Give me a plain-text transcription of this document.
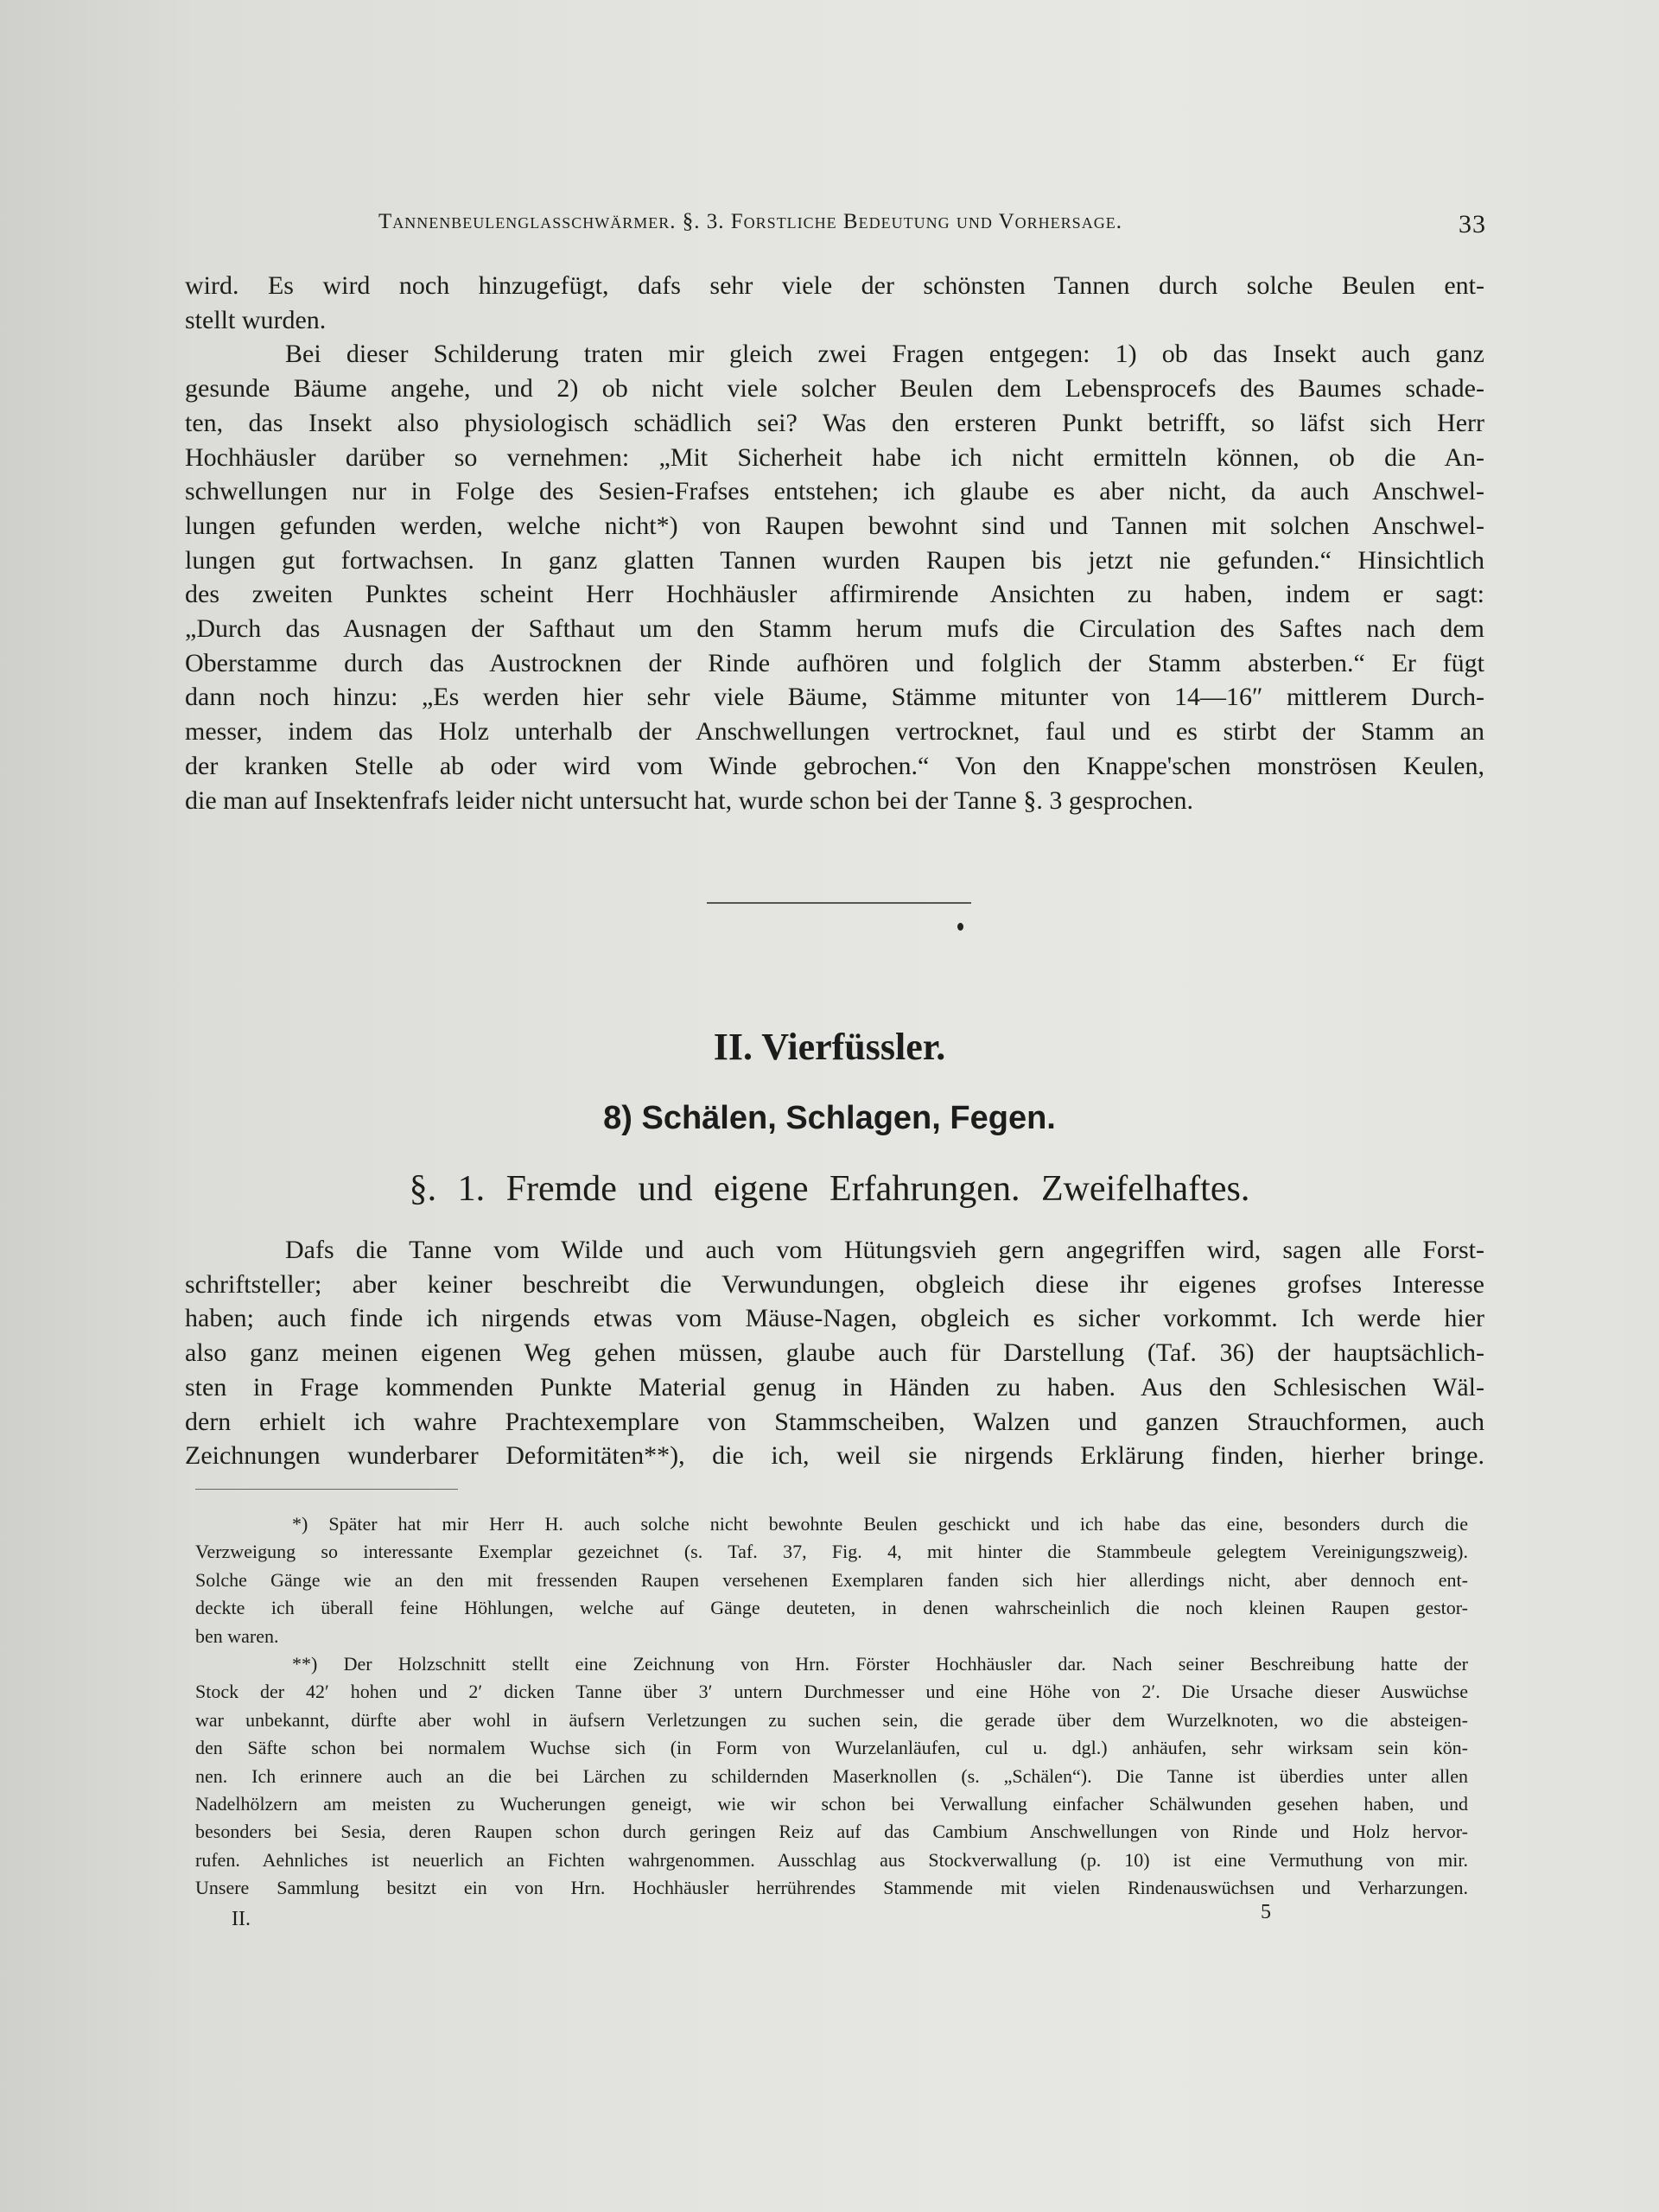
Tannenbeulenglasschwärmer. §. 3. Forstliche Bedeutung und Vorhersage.	33
wird. Es wird noch hinzugefügt, dafs sehr viele der schönsten Tannen durch solche Beulen ent-
stellt wurden.
Bei dieser Schilderung traten mir gleich zwei Fragen entgegen: 1) ob das Insekt auch ganz
gesunde Bäume angehe, und 2) ob nicht viele solcher Beulen dem Lebensprocefs des Baumes schade-
ten, das Insekt also physiologisch schädlich sei? Was den ersteren Punkt betrifft, so läfst sich Herr
Hochhäusler darüber so vernehmen: „Mit Sicherheit habe ich nicht ermitteln können, ob die An-
schwellungen nur in Folge des Sesien-Frafses entstehen; ich glaube es aber nicht, da auch Anschwel-
lungen gefunden werden, welche nicht*) von Raupen bewohnt sind und Tannen mit solchen Anschwel-
lungen gut fortwachsen. In ganz glatten Tannen wurden Raupen bis jetzt nie gefunden.“ Hinsichtlich
des zweiten Punktes scheint Herr Hochhäusler affirmirende Ansichten zu haben, indem er sagt:
„Durch das Ausnagen der Safthaut um den Stamm herum mufs die Circulation des Saftes nach dem
Oberstamme durch das Austrocknen der Rinde aufhören und folglich der Stamm absterben.“ Er fügt
dann noch hinzu: „Es werden hier sehr viele Bäume, Stämme mitunter von 14—16″ mittlerem Durch-
messer, indem das Holz unterhalb der Anschwellungen vertrocknet, faul und es stirbt der Stamm an
der kranken Stelle ab oder wird vom Winde gebrochen.“ Von den Knappe'schen monströsen Keulen,
die man auf Insektenfrafs leider nicht untersucht hat, wurde schon bei der Tanne §. 3 gesprochen.
II. Vierfüssler.
8) Schälen, Schlagen, Fegen.
§. 1. Fremde und eigene Erfahrungen. Zweifelhaftes.
Dafs die Tanne vom Wilde und auch vom Hütungsvieh gern angegriffen wird, sagen alle Forst-
schriftsteller; aber keiner beschreibt die Verwundungen, obgleich diese ihr eigenes grofses Interesse
haben; auch finde ich nirgends etwas vom Mäuse-Nagen, obgleich es sicher vorkommt. Ich werde hier
also ganz meinen eigenen Weg gehen müssen, glaube auch für Darstellung (Taf. 36) der hauptsächlich-
sten in Frage kommenden Punkte Material genug in Händen zu haben. Aus den Schlesischen Wäl-
dern erhielt ich wahre Prachtexemplare von Stammscheiben, Walzen und ganzen Strauchformen, auch
Zeichnungen wunderbarer Deformitäten**), die ich, weil sie nirgends Erklärung finden, hierher bringe.
*) Später hat mir Herr H. auch solche nicht bewohnte Beulen geschickt und ich habe das eine, besonders durch die
Verzweigung so interessante Exemplar gezeichnet (s. Taf. 37, Fig. 4, mit hinter die Stammbeule gelegtem Vereinigungszweig).
Solche Gänge wie an den mit fressenden Raupen versehenen Exemplaren fanden sich hier allerdings nicht, aber dennoch ent-
deckte ich überall feine Höhlungen, welche auf Gänge deuteten, in denen wahrscheinlich die noch kleinen Raupen gestor-
ben waren.
**) Der Holzschnitt stellt eine Zeichnung von Hrn. Förster Hochhäusler dar. Nach seiner Beschreibung hatte der
Stock der 42′ hohen und 2′ dicken Tanne über 3′ untern Durchmesser und eine Höhe von 2′. Die Ursache dieser Auswüchse
war unbekannt, dürfte aber wohl in äufsern Verletzungen zu suchen sein, die gerade über dem Wurzelknoten, wo die absteigen-
den Säfte schon bei normalem Wuchse sich (in Form von Wurzelanläufen, cul u. dgl.) anhäufen, sehr wirksam sein kön-
nen. Ich erinnere auch an die bei Lärchen zu schildernden Maserknollen (s. „Schälen“). Die Tanne ist überdies unter allen
Nadelhölzern am meisten zu Wucherungen geneigt, wie wir schon bei Verwallung einfacher Schälwunden gesehen haben, und
besonders bei Sesia, deren Raupen schon durch geringen Reiz auf das Cambium Anschwellungen von Rinde und Holz hervor-
rufen. Aehnliches ist neuerlich an Fichten wahrgenommen. Ausschlag aus Stockverwallung (p. 10) ist eine Vermuthung von mir.
Unsere Sammlung besitzt ein von Hrn. Hochhäusler herrührendes Stammende mit vielen Rindenauswüchsen und Verharzungen.
II.	5
